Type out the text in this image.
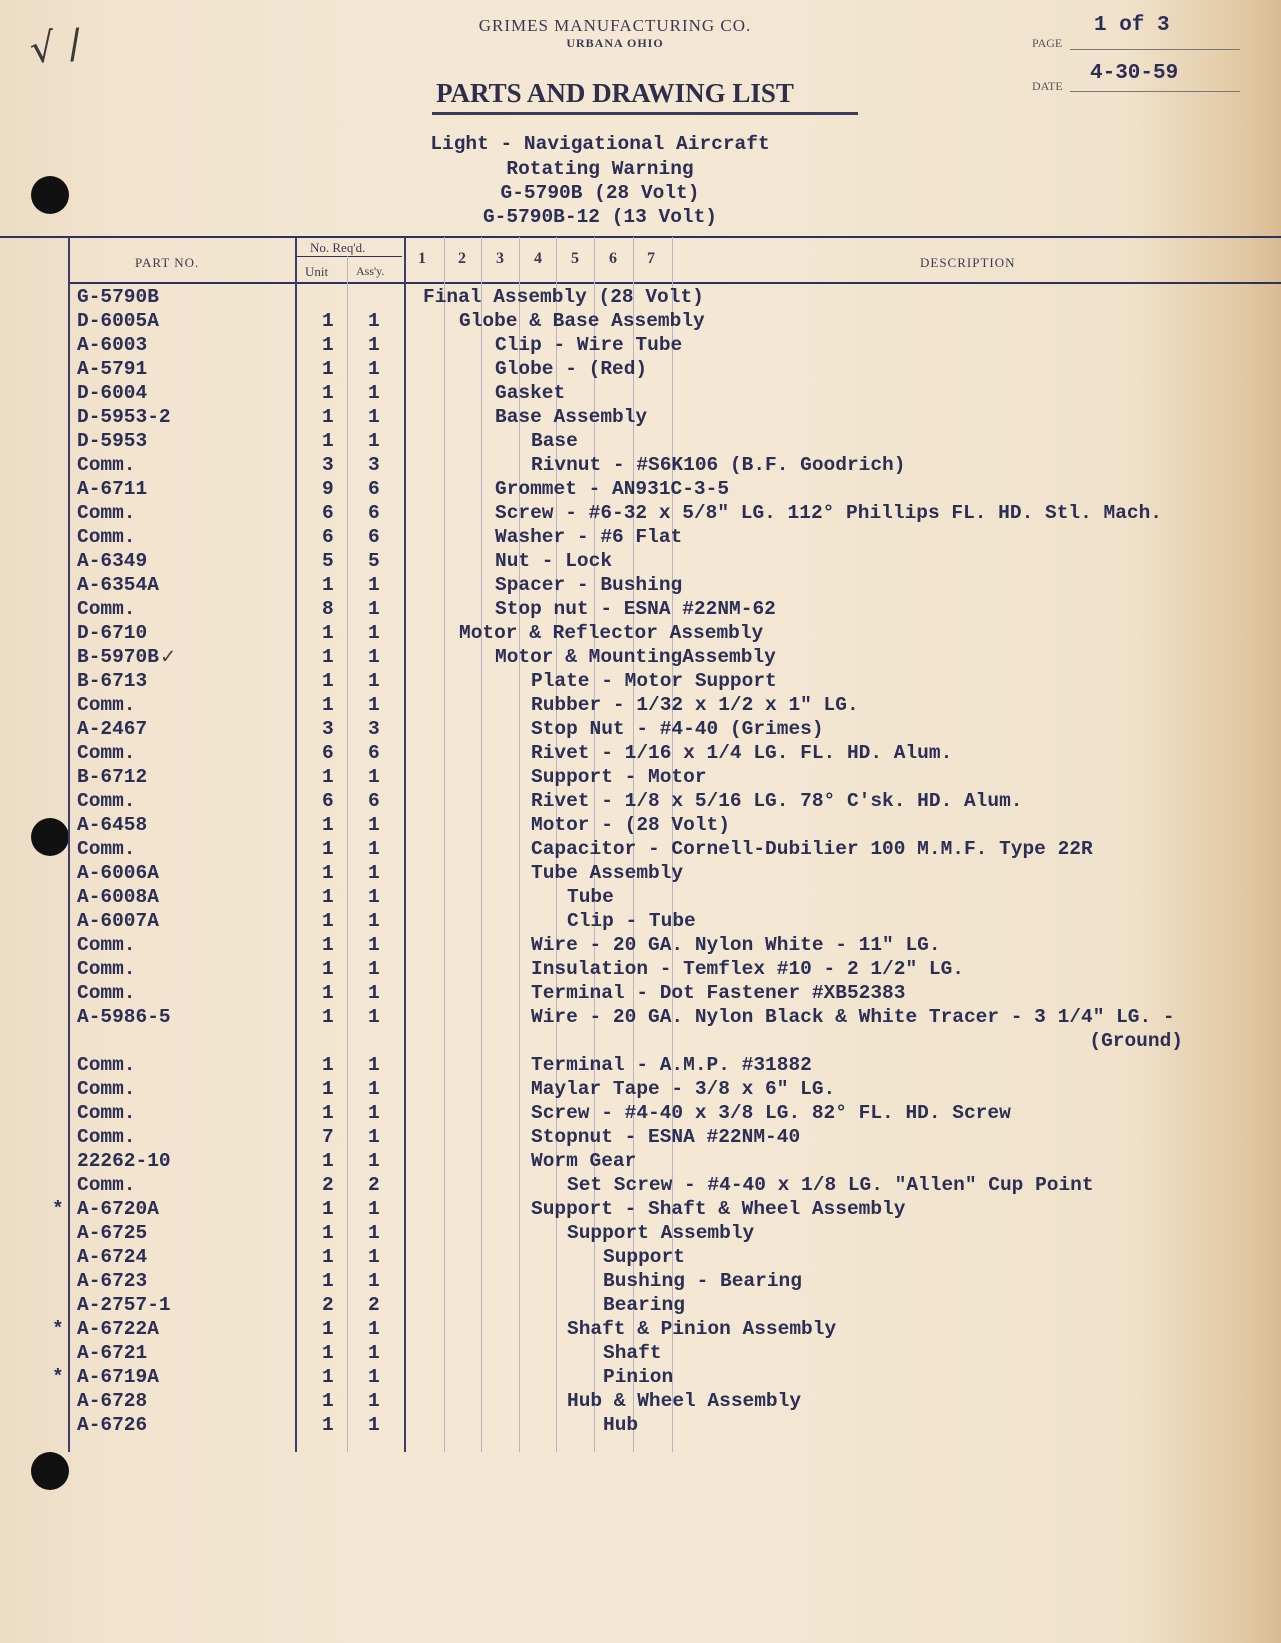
√ /	GRIMES MANUFACTURING CO.
URBANA OHIO
PARTS AND DRAWING LIST
PAGE
1 of 3
DATE
4-30-59
Light - Navigational Aircraft
Rotating Warning
G-5790B (28 Volt)
G-5790B-12 (13 Volt)
PART NO.
No. Req'd.
Unit Ass'y.
1 2 3 4 5 6 7	DESCRIPTION
G-5790B	Final Assembly (28 Volt)
D-6005A	1 1	Globe & Base Assembly
A-6003	1 1	Clip - Wire Tube
A-5791	1 1	Globe - (Red)
D-6004	1 1	Gasket
D-5953-2	1 1	Base Assembly
D-5953	1 1	Base
Comm.	3 3	Rivnut - #S6K106 (B.F. Goodrich)
A-6711	9 6	Grommet - AN931C-3-5
Comm.	6 6	Screw - #6-32 x 5/8" LG. 112° Phillips FL. HD. Stl. Mach.
Comm.	6 6	Washer - #6 Flat
A-6349	5 5	Nut - Lock
A-6354A	1 1	Spacer - Bushing
Comm.	8 1	Stop nut - ESNA #22NM-62
D-6710	1 1	Motor & Reflector Assembly
B-5970B ✓	1 1	Motor & MountingAssembly
B-6713	1 1	Plate - Motor Support
Comm.	1 1	Rubber - 1/32 x 1/2 x 1" LG.
A-2467	3 3	Stop Nut - #4-40 (Grimes)
Comm.	6 6	Rivet - 1/16 x 1/4 LG. FL. HD. Alum.
B-6712	1 1	Support - Motor
Comm.	6 6	Rivet - 1/8 x 5/16 LG. 78° C'sk. HD. Alum.
A-6458	1 1	Motor - (28 Volt)
Comm.	1 1	Capacitor - Cornell-Dubilier 100 M.M.F. Type 22R
A-6006A	1 1	Tube Assembly
A-6008A	1 1	Tube
A-6007A	1 1	Clip - Tube
Comm.	1 1	Wire - 20 GA. Nylon White - 11" LG.
Comm.	1 1	Insulation - Temflex #10 - 2 1/2" LG.
Comm.	1 1	Terminal - Dot Fastener #XB52383
A-5986-5	1 1	Wire - 20 GA. Nylon Black & White Tracer - 3 1/4" LG. -
(Ground)
Comm.	1 1	Terminal - A.M.P. #31882
Comm.	1 1	Maylar Tape - 3/8 x 6" LG.
Comm.	1 1	Screw - #4-40 x 3/8 LG. 82° FL. HD. Screw
Comm.	7 1	Stopnut - ESNA #22NM-40
22262-10	1 1	Worm Gear
Comm.	2 2	Set Screw - #4-40 x 1/8 LG. "Allen" Cup Point
* A-6720A	1 1	Support - Shaft & Wheel Assembly
A-6725	1 1	Support Assembly
A-6724	1 1	Support
A-6723	1 1	Bushing - Bearing
A-2757-1	2 2	Bearing
* A-6722A	1 1	Shaft & Pinion Assembly
A-6721	1 1	Shaft
* A-6719A	1 1	Pinion
A-6728	1 1	Hub & Wheel Assembly
A-6726	1 1	Hub
